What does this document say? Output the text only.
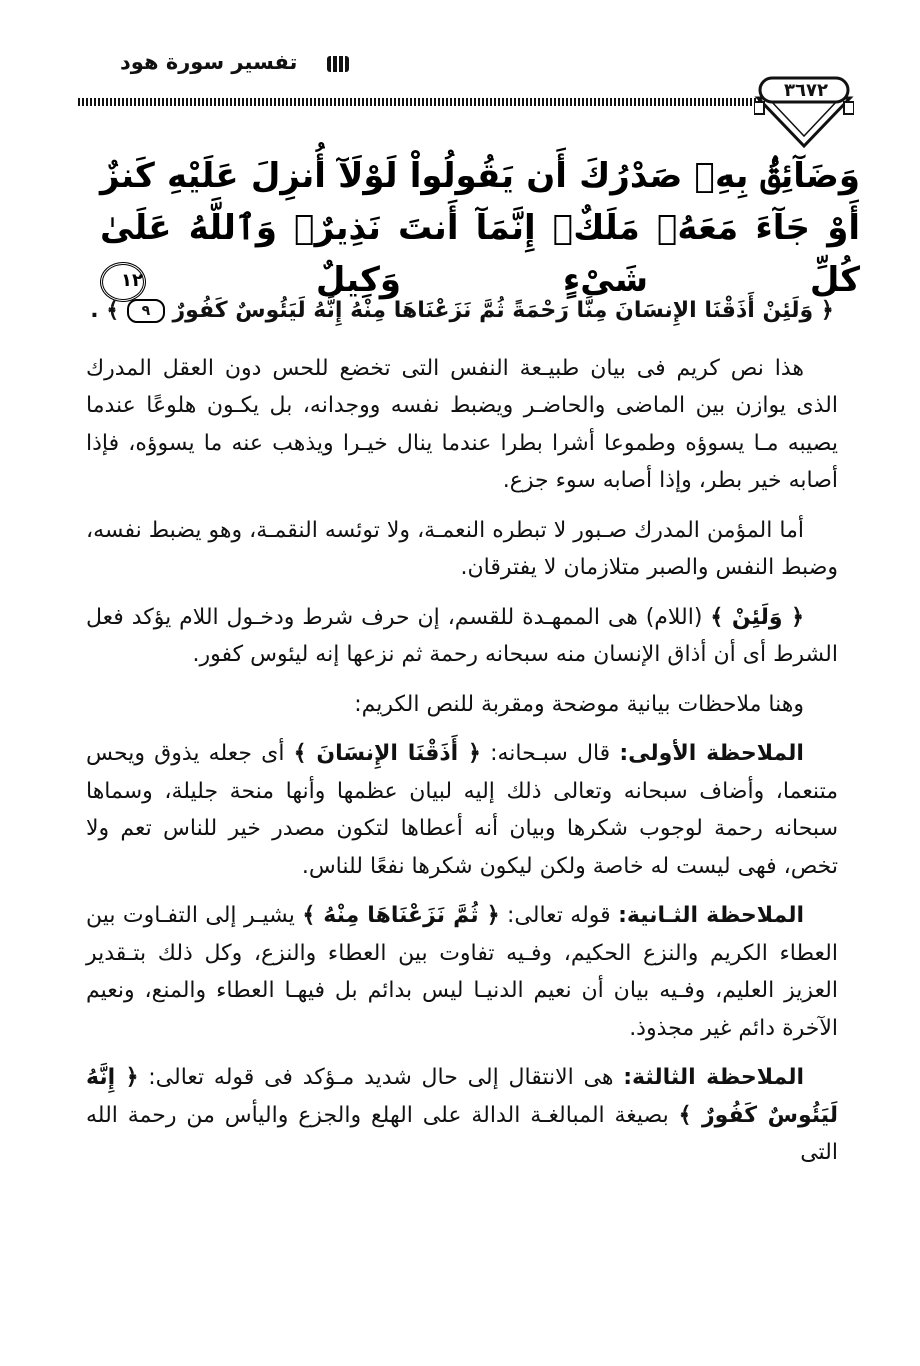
تفسير سورة هود
٣٦٧٢
وَضَآئِقُۢ بِهِۦ صَدْرُكَ أَن يَقُولُواْ لَوْلَآ أُنزِلَ عَلَيْهِ كَنزٌ أَوْ جَآءَ مَعَهُۥ مَلَكٌۚ إِنَّمَآ أَنتَ نَذِيرٌۚ وَٱللَّهُ عَلَىٰ كُلِّ شَىْءٍ وَكِيلٌ ١٢

﴿ وَلَئِنْ أَذَقْنَا الإِنسَانَ مِنَّا رَحْمَةً ثُمَّ نَزَعْنَاهَا مِنْهُ إِنَّهُ لَيَئُوسٌ كَفُورٌ ٩ ﴾ .

هذا نص كريم فى بيان طبيـعة النفس التى تخضع للحس دون العقل المدرك الذى يوازن بين الماضى والحاضـر ويضبط نفسه ووجدانه، بل يكـون هلوعًا عندما يصيبه مـا يسوؤه وطموعا أشرا بطرا عندما ينال خيـرا ويذهب عنه ما يسوؤه، فإذا أصابه خير بطر، وإذا أصابه سوء جزع.

أما المؤمن المدرك صـبور لا تبطره النعمـة، ولا توئسه النقمـة، وهو يضبط نفسه، وضبط النفس والصبر متلازمان لا يفترقان.

﴿ وَلَئِنْ ﴾ (اللام) هى الممهـدة للقسم، إن حرف شرط ودخـول اللام يؤكد فعل الشرط أى أن أذاق الإنسان منه سبحانه رحمة ثم نزعها إنه ليئوس كفور.

وهنا ملاحظات بيانية موضحة ومقربة للنص الكريم:

الملاحظة الأولى: قال سبـحانه: ﴿ أَذَقْنَا الإِنسَانَ ﴾ أى جعله يذوق ويحس متنعما، وأضاف سبحانه وتعالى ذلك إليه لبيان عظمها وأنها منحة جليلة، وسماها سبحانه رحمة لوجوب شكرها وبيان أنه أعطاها لتكون مصدر خير للناس تعم ولا تخص، فهى ليست له خاصة ولكن ليكون شكرها نفعًا للناس.

الملاحظة الثـانية: قوله تعالى: ﴿ ثُمَّ نَزَعْنَاهَا مِنْهُ ﴾ يشيـر إلى التفـاوت بين العطاء الكريم والنزع الحكيم، وفـيه تفاوت بين العطاء والنزع، وكل ذلك بتـقدير العزيز العليم، وفـيه بيان أن نعيم الدنيـا ليس بدائم بل فيهـا العطاء والمنع، ونعيم الآخرة دائم غير مجذوذ.

الملاحظة الثالثة: هى الانتقال إلى حال شديد مـؤكد فى قوله تعالى: ﴿ إِنَّهُ لَيَئُوسٌ كَفُورٌ ﴾ بصيغة المبالغـة الدالة على الهلع والجزع واليأس من رحمة الله التى
